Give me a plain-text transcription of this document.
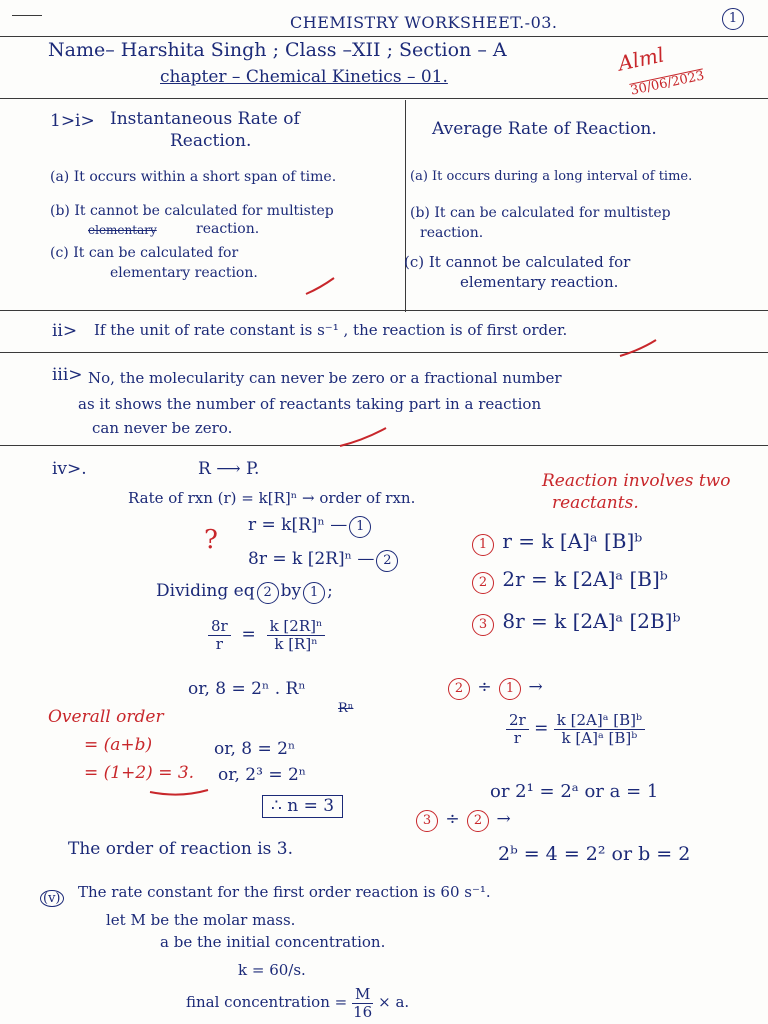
CHEMISTRY WORKSHEET.-03.	1
Name– Harshita Singh ; Class –XII ; Section – A
chapter – Chemical Kinetics – 01.
Alml
30/06/2023
1>i> Instantaneous Rate of
Reaction.
Average Rate of Reaction.
(a) It occurs within a short span of time.	(a) It occurs during a long interval of time.
(b) It cannot be calculated for multistep
elementary	reaction.
(b) It can be calculated for multistep
reaction.
(c) It can be calculated for
elementary reaction.
(c) It cannot be calculated for
elementary reaction.
ii> If the unit of rate constant is s⁻¹ , the reaction is of first order.
iii> No, the molecularity can never be zero or a fractional number
as it shows the number of reactants taking part in a reaction
can never be zero.
iv>.	R ⟶ P.
Rate of rxn (r) = k[R]ⁿ → order of rxn.
Reaction involves two
reactants.
? r = k[R]ⁿ — 1
8r = k [2R]ⁿ — 2
1 r = k [A]ᵃ [B]ᵇ
2 2r = k [2A]ᵃ [B]ᵇ
3 8r = k [2A]ᵃ [2B]ᵇ
Dividing eq 2 by 1 ;
$\frac{8r}{r} = \frac{\text{k [2R]ⁿ}}{\text{k [R]ⁿ}}$
or, 8 = 2ⁿ . Rⁿ
Rⁿ
2 ÷ 1 →
Overall order
= (a+b)
= (1+2) = 3.
or, 8 = 2ⁿ
or, 2³ = 2ⁿ
∴ n = 3
$\frac{2r}{r} = \frac{\text{k [2A]ᵃ [B]ᵇ}}{\text{k [A]ᵃ [B]ᵇ}}$
or 2¹ = 2ᵃ or a = 1
3 ÷ 2 →
2ᵇ = 4 = 2² or b = 2
The order of reaction is 3.
(v) The rate constant for the first order reaction is 60 s⁻¹.
let M be the molar mass.
a be the initial concentration.
k = 60/s.
final concentration = $\frac{M}{16} \times a$.
